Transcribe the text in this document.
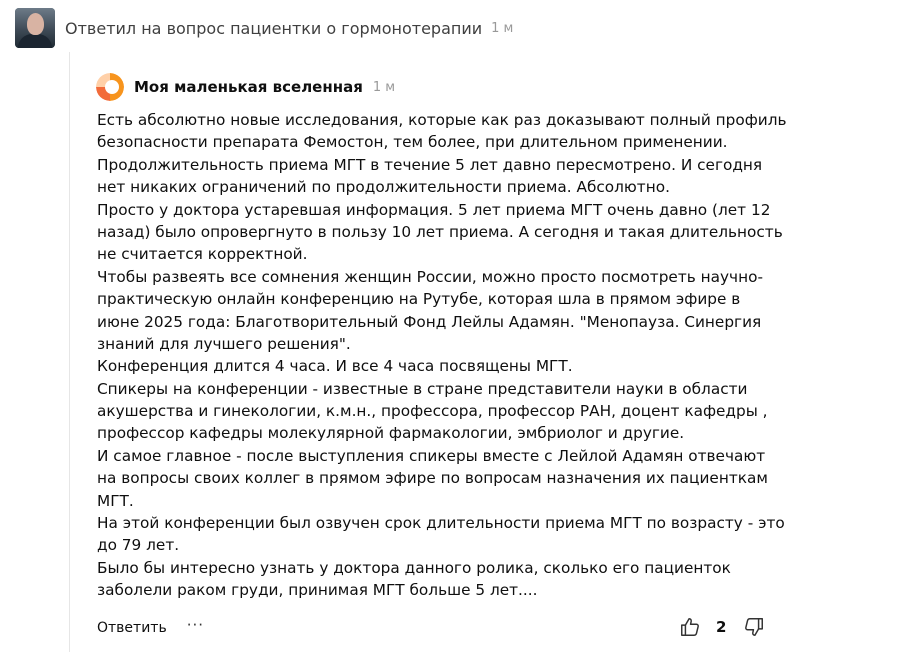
Ответил на вопрос пациентки о гормонотерапии 1 м
Моя маленькая вселенная 1 м
Есть абсолютно новые исследования, которые как раз доказывают полный профиль
безопасности препарата Фемостон, тем более, при длительном применении.
Продолжительность приема МГТ в течение 5 лет давно пересмотрено. И сегодня
нет никаких ограничений по продолжительности приема. Абсолютно.
Просто у доктора устаревшая информация. 5 лет приема МГТ очень давно (лет 12
назад) было опровергнуто в пользу 10 лет приема. А сегодня и такая длительность
не считается корректной.
Чтобы развеять все сомнения женщин России, можно просто посмотреть научно-
практическую онлайн конференцию на Рутубе, которая шла в прямом эфире в
июне 2025 года: Благотворительный Фонд Лейлы Адамян. "Менопауза. Синергия
знаний для лучшего решения".
Конференция длится 4 часа. И все 4 часа посвящены МГТ.
Спикеры на конференции - известные в стране представители науки в области
акушерства и гинекологии, к.м.н., профессора, профессор РАН, доцент кафедры ,
профессор кафедры молекулярной фармакологии, эмбриолог и другие.
И самое главное - после выступления спикеры вместе с Лейлой Адамян отвечают
на вопросы своих коллег в прямом эфире по вопросам назначения их пациенткам
МГТ.
На этой конференции был озвучен срок длительности приема МГТ по возрасту - это
до 79 лет.
Было бы интересно узнать у доктора данного ролика, сколько его пациенток
заболели раком груди, принимая МГТ больше 5 лет....
Ответить ···	2
